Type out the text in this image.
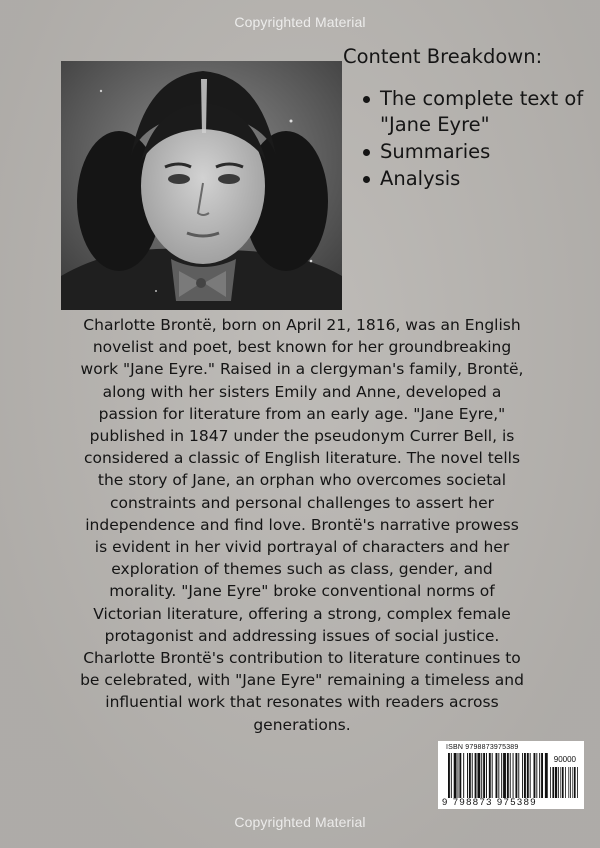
Copyrighted Material
Content Breakdown:
The complete text of "Jane Eyre"
Summaries
Analysis

Charlotte Brontë, born on April 21, 1816, was an English novelist and poet, best known for her groundbreaking work "Jane Eyre." Raised in a clergyman's family, Brontë, along with her sisters Emily and Anne, developed a passion for literature from an early age. "Jane Eyre," published in 1847 under the pseudonym Currer Bell, is considered a classic of English literature. The novel tells the story of Jane, an orphan who overcomes societal constraints and personal challenges to assert her independence and find love. Brontë's narrative prowess is evident in her vivid portrayal of characters and her exploration of themes such as class, gender, and morality. "Jane Eyre" broke conventional norms of Victorian literature, offering a strong, complex female protagonist and addressing issues of social justice. Charlotte Brontë's contribution to literature continues to be celebrated, with "Jane Eyre" remaining a timeless and influential work that resonates with readers across generations.

ISBN 9798873975389
90000
9 798873 975389
Copyrighted Material
